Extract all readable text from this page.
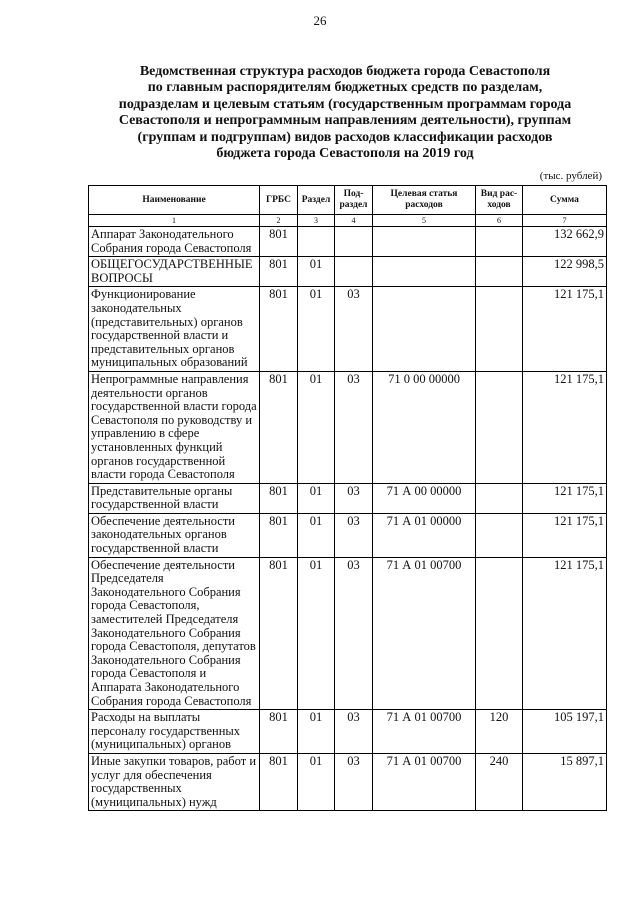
26
Ведомственная структура расходов бюджета города Севастополя
по главным распорядителям бюджетных средств по разделам,
подразделам и целевым статьям (государственным программам города
Севастополя и непрограммным направлениям деятельности), группам
(группам и подгруппам) видов расходов классификации расходов
бюджета города Севастополя на 2019 год
(тыс. рублей)
Наименование	ГРБС	Раздел	Под-раздел	Целевая статья расходов	Вид рас-ходов	Сумма
1	2	3	4	5	6	7
Аппарат Законодательного Собрания города Севастополя	801					132 662,9
ОБЩЕГОСУДАРСТВЕННЫЕ ВОПРОСЫ	801	01				122 998,5
Функционирование законодательных (представительных) органов государственной власти и представительных органов муниципальных образований	801	01	03			121 175,1
Непрограммные направления деятельности органов государственной власти города Севастополя по руководству и управлению в сфере установленных функций органов государственной власти города Севастополя	801	01	03	71 0 00 00000		121 175,1
Представительные органы государственной власти	801	01	03	71 А 00 00000		121 175,1
Обеспечение деятельности законодательных органов государственной власти	801	01	03	71 А 01 00000		121 175,1
Обеспечение деятельности Председателя Законодательного Собрания города Севастополя, заместителей Председателя Законодательного Собрания города Севастополя, депутатов Законодательного Собрания города Севастополя и Аппарата Законодательного Собрания города Севастополя	801	01	03	71 А 01 00700		121 175,1
Расходы на выплаты персоналу государственных (муниципальных) органов	801	01	03	71 А 01 00700	120	105 197,1
Иные закупки товаров, работ и услуг для обеспечения государственных (муниципальных) нужд	801	01	03	71 А 01 00700	240	15 897,1
